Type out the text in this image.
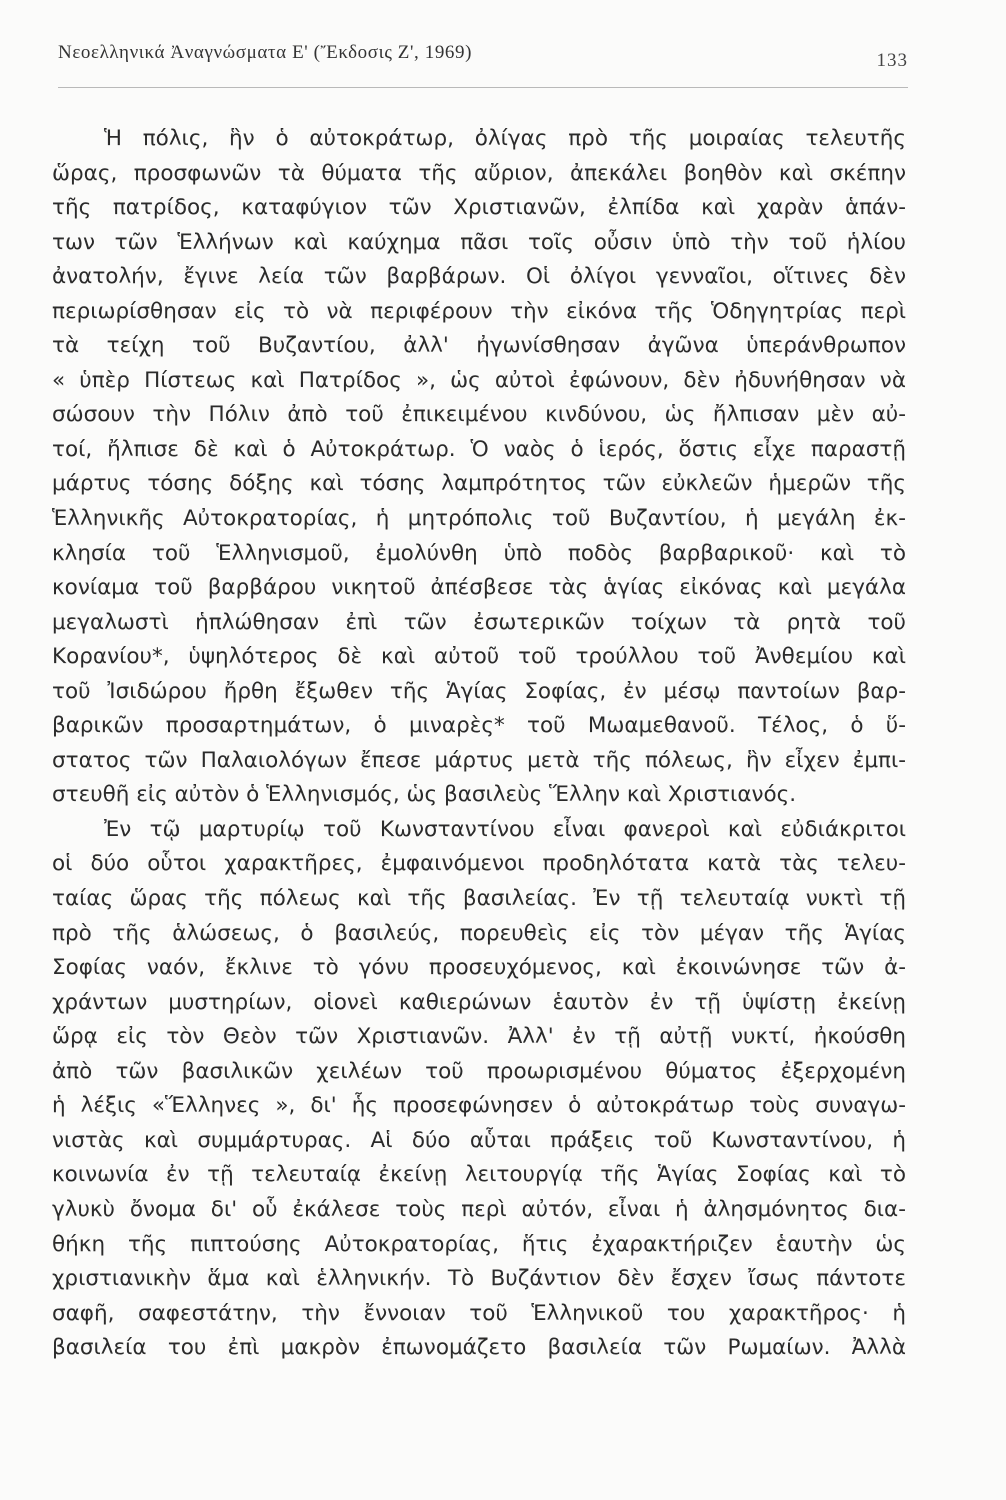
Νεοελληνικά Ἀναγνώσματα Ε' (Ἔκδοσις Ζ', 1969)	133
Ἡ πόλις, ἣν ὁ αὐτοκράτωρ, ὀλίγας πρὸ τῆς μοιραίας τελευτῆς
ὥρας, προσφωνῶν τὰ θύματα τῆς αὔριον, ἀπεκάλει βοηθὸν καὶ σκέπην
τῆς πατρίδος, καταφύγιον τῶν Χριστιανῶν, ἐλπίδα καὶ χαρὰν ἁπάν-
των τῶν Ἑλλήνων καὶ καύχημα πᾶσι τοῖς οὖσιν ὑπὸ τὴν τοῦ ἡλίου
ἀνατολήν, ἔγινε λεία τῶν βαρβάρων. Οἱ ὀλίγοι γενναῖοι, οἵτινες δὲν
περιωρίσθησαν εἰς τὸ νὰ περιφέρουν τὴν εἰκόνα τῆς Ὁδηγητρίας περὶ
τὰ τείχη τοῦ Βυζαντίου, ἀλλ' ἠγωνίσθησαν ἀγῶνα ὑπεράνθρωπον
« ὑπὲρ Πίστεως καὶ Πατρίδος », ὡς αὐτοὶ ἐφώνουν, δὲν ἠδυνήθησαν νὰ
σώσουν τὴν Πόλιν ἀπὸ τοῦ ἐπικειμένου κινδύνου, ὡς ἤλπισαν μὲν αὐ-
τοί, ἤλπισε δὲ καὶ ὁ Αὐτοκράτωρ. Ὁ ναὸς ὁ ἱερός, ὅστις εἶχε παραστῇ
μάρτυς τόσης δόξης καὶ τόσης λαμπρότητος τῶν εὐκλεῶν ἡμερῶν τῆς
Ἑλληνικῆς Αὐτοκρατορίας, ἡ μητρόπολις τοῦ Βυζαντίου, ἡ μεγάλη ἐκ-
κλησία τοῦ Ἑλληνισμοῦ, ἐμολύνθη ὑπὸ ποδὸς βαρβαρικοῦ· καὶ τὸ
κονίαμα τοῦ βαρβάρου νικητοῦ ἀπέσβεσε τὰς ἁγίας εἰκόνας καὶ μεγάλα
μεγαλωστὶ ἡπλώθησαν ἐπὶ τῶν ἐσωτερικῶν τοίχων τὰ ρητὰ τοῦ
Κορανίου*, ὑψηλότερος δὲ καὶ αὐτοῦ τοῦ τρούλλου τοῦ Ἀνθεμίου καὶ
τοῦ Ἰσιδώρου ἤρθη ἔξωθεν τῆς Ἁγίας Σοφίας, ἐν μέσῳ παντοίων βαρ-
βαρικῶν προσαρτημάτων, ὁ μιναρὲς* τοῦ Μωαμεθανοῦ. Τέλος, ὁ ὕ-
στατος τῶν Παλαιολόγων ἔπεσε μάρτυς μετὰ τῆς πόλεως, ἣν εἶχεν ἐμπι-
στευθῆ εἰς αὐτὸν ὁ Ἑλληνισμός, ὡς βασιλεὺς Ἕλλην καὶ Χριστιανός.
Ἐν τῷ μαρτυρίῳ τοῦ Κωνσταντίνου εἶναι φανεροὶ καὶ εὐδιάκριτοι
οἱ δύο οὗτοι χαρακτῆρες, ἐμφαινόμενοι προδηλότατα κατὰ τὰς τελευ-
ταίας ὥρας τῆς πόλεως καὶ τῆς βασιλείας. Ἐν τῇ τελευταίᾳ νυκτὶ τῇ
πρὸ τῆς ἁλώσεως, ὁ βασιλεύς, πορευθεὶς εἰς τὸν μέγαν τῆς Ἁγίας
Σοφίας ναόν, ἔκλινε τὸ γόνυ προσευχόμενος, καὶ ἐκοινώνησε τῶν ἀ-
χράντων μυστηρίων, οἱονεὶ καθιερώνων ἑαυτὸν ἐν τῇ ὑψίστῃ ἐκείνῃ
ὥρᾳ εἰς τὸν Θεὸν τῶν Χριστιανῶν. Ἀλλ' ἐν τῇ αὐτῇ νυκτί, ἠκούσθη
ἀπὸ τῶν βασιλικῶν χειλέων τοῦ προωρισμένου θύματος ἐξερχομένη
ἡ λέξις «Ἕλληνες », δι' ἧς προσεφώνησεν ὁ αὐτοκράτωρ τοὺς συναγω-
νιστὰς καὶ συμμάρτυρας. Αἱ δύο αὗται πράξεις τοῦ Κωνσταντίνου, ἡ
κοινωνία ἐν τῇ τελευταίᾳ ἐκείνῃ λειτουργίᾳ τῆς Ἁγίας Σοφίας καὶ τὸ
γλυκὺ ὄνομα δι' οὗ ἐκάλεσε τοὺς περὶ αὐτόν, εἶναι ἡ ἀλησμόνητος δια-
θήκη τῆς πιπτούσης Αὐτοκρατορίας, ἥτις ἐχαρακτήριζεν ἑαυτὴν ὡς
χριστιανικὴν ἅμα καὶ ἑλληνικήν. Τὸ Βυζάντιον δὲν ἔσχεν ἴσως πάντοτε
σαφῆ, σαφεστάτην, τὴν ἔννοιαν τοῦ Ἑλληνικοῦ του χαρακτῆρος· ἡ
βασιλεία του ἐπὶ μακρὸν ἐπωνομάζετο βασιλεία τῶν Ρωμαίων. Ἀλλὰ
